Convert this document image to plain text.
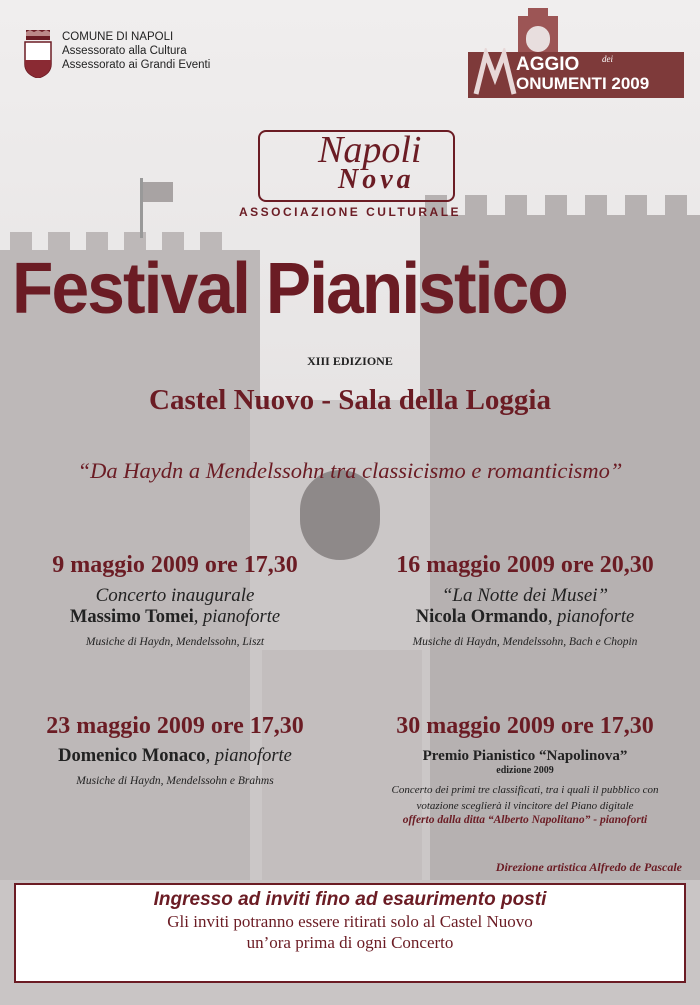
COMUNE DI NAPOLI
Assessorato alla Cultura
Assessorato ai Grandi Eventi	AGGIO	dei
ONUMENTI 2009
Napoli
Nova
ASSOCIAZIONE CULTURALE
Festival Pianistico
XIII EDIZIONE
Castel Nuovo - Sala della Loggia
“Da Haydn a Mendelssohn tra classicismo e romanticismo”
9 maggio 2009 ore 17,30
Concerto inaugurale
Massimo Tomei, pianoforte
Musiche di Haydn, Mendelssohn, Liszt
16 maggio 2009 ore 20,30
“La Notte dei Musei”
Nicola Ormando, pianoforte
Musiche di Haydn, Mendelssohn, Bach e Chopin
23 maggio 2009 ore 17,30
Domenico Monaco, pianoforte
Musiche di Haydn, Mendelssohn e Brahms
30 maggio 2009 ore 17,30
Premio Pianistico “Napolinova”
edizione 2009
Concerto dei primi tre classificati, tra i quali il pubblico con
votazione sceglierà il vincitore del Piano digitale
offerto dalla ditta “Alberto Napolitano” - pianoforti
Direzione artistica Alfredo de Pascale
Ingresso ad inviti fino ad esaurimento posti
Gli inviti potranno essere ritirati solo al Castel Nuovo
un’ora prima di ogni Concerto
